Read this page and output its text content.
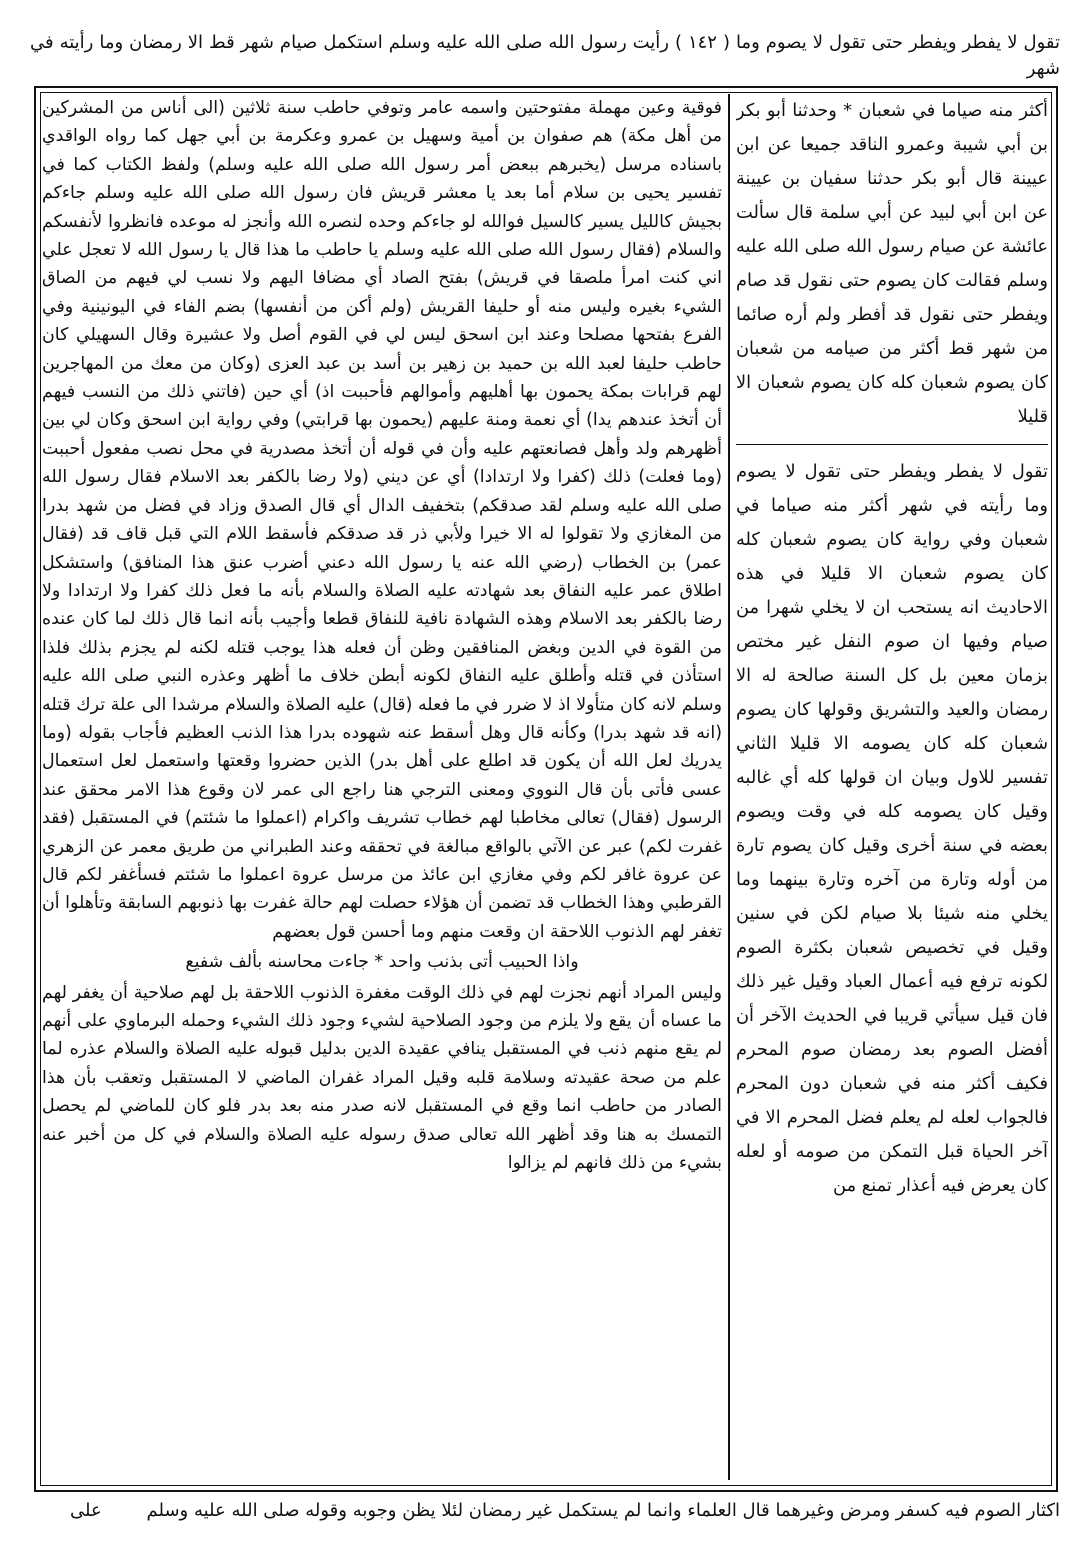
تقول لا يفطر ويفطر حتى تقول لا يصوم وما ( ١٤٢ ) رأيت رسول الله صلى الله عليه وسلم استكمل صيام شهر قط الا رمضان وما رأيته في شهر

فوقية وعين مهملة مفتوحتين واسمه عامر وتوفي حاطب سنة ثلاثين (الى أناس من المشركين من أهل مكة) هم صفوان بن أمية وسهيل بن عمرو وعكرمة بن أبي جهل كما رواه الواقدي باسناده مرسل (يخبرهم ببعض أمر رسول الله صلى الله عليه وسلم) ولفظ الكتاب كما في تفسير يحيى بن سلام أما بعد يا معشر قريش فان رسول الله صلى الله عليه وسلم جاءكم بجيش كالليل يسير كالسيل فوالله لو جاءكم وحده لنصره الله وأنجز له موعده فانظروا لأنفسكم والسلام (فقال رسول الله صلى الله عليه وسلم يا حاطب ما هذا قال يا رسول الله لا تعجل علي اني كنت امرأ ملصقا في قريش) بفتح الصاد أي مضافا اليهم ولا نسب لي فيهم من الصاق الشيء بغيره وليس منه أو حليفا القريش (ولم أكن من أنفسها) بضم الفاء في اليونينية وفي الفرع بفتحها مصلحا وعند ابن اسحق ليس لي في القوم أصل ولا عشيرة وقال السهيلي كان حاطب حليفا لعبد الله بن حميد بن زهير بن أسد بن عبد العزى (وكان من معك من المهاجرين لهم قرابات بمكة يحمون بها أهليهم وأموالهم فأحببت اذ) أي حين (فاتني ذلك من النسب فيهم أن أتخذ عندهم يدا) أي نعمة ومنة عليهم (يحمون بها قرابتي) وفي رواية ابن اسحق وكان لي بين أظهرهم ولد وأهل فصانعتهم عليه وأن في قوله أن أتخذ مصدرية في محل نصب مفعول أحببت (وما فعلت) ذلك (كفرا ولا ارتدادا) أي عن ديني (ولا رضا بالكفر بعد الاسلام فقال رسول الله صلى الله عليه وسلم لقد صدقكم) بتخفيف الدال أي قال الصدق وزاد في فضل من شهد بدرا من المغازي ولا تقولوا له الا خيرا ولأبي ذر قد صدقكم فأسقط اللام التي قبل قاف قد (فقال عمر) بن الخطاب (رضي الله عنه يا رسول الله دعني أضرب عنق هذا المنافق) واستشكل اطلاق عمر عليه النفاق بعد شهادته عليه الصلاة والسلام بأنه ما فعل ذلك كفرا ولا ارتدادا ولا رضا بالكفر بعد الاسلام وهذه الشهادة نافية للنفاق قطعا وأجيب بأنه انما قال ذلك لما كان عنده من القوة في الدين وبغض المنافقين وظن أن فعله هذا يوجب قتله لكنه لم يجزم بذلك فلذا استأذن في قتله وأطلق عليه النفاق لكونه أبطن خلاف ما أظهر وعذره النبي صلى الله عليه وسلم لانه كان متأولا اذ لا ضرر في ما فعله (قال) عليه الصلاة والسلام مرشدا الى علة ترك قتله (انه قد شهد بدرا) وكأنه قال وهل أسقط عنه شهوده بدرا هذا الذنب العظيم فأجاب بقوله (وما يدريك لعل الله أن يكون قد اطلع على أهل بدر) الذين حضروا وقعتها واستعمل لعل استعمال عسى فأتى بأن قال النووي ومعنى الترجي هنا راجع الى عمر لان وقوع هذا الامر محقق عند الرسول (فقال) تعالى مخاطبا لهم خطاب تشريف واكرام (اعملوا ما شئتم) في المستقبل (فقد غفرت لكم) عبر عن الآتي بالواقع مبالغة في تحققه وعند الطبراني من طريق معمر عن الزهري عن عروة غافر لكم وفي مغازي ابن عائذ من مرسل عروة اعملوا ما شئتم فسأغفر لكم قال القرطبي وهذا الخطاب قد تضمن أن هؤلاء حصلت لهم حالة غفرت بها ذنوبهم السابقة وتأهلوا أن تغفر لهم الذنوب اللاحقة ان وقعت منهم وما أحسن قول بعضهم

واذا الحبيب أتى بذنب واحد * جاءت محاسنه بألف شفيع

وليس المراد أنهم نجزت لهم في ذلك الوقت مغفرة الذنوب اللاحقة بل لهم صلاحية أن يغفر لهم ما عساه أن يقع ولا يلزم من وجود الصلاحية لشيء وجود ذلك الشيء وحمله البرماوي على أنهم لم يقع منهم ذنب في المستقبل ينافي عقيدة الدين بدليل قبوله عليه الصلاة والسلام عذره لما علم من صحة عقيدته وسلامة قلبه وقيل المراد غفران الماضي لا المستقبل وتعقب بأن هذا الصادر من حاطب انما وقع في المستقبل لانه صدر منه بعد بدر فلو كان للماضي لم يحصل التمسك به هنا وقد أظهر الله تعالى صدق رسوله عليه الصلاة والسلام في كل من أخبر عنه بشيء من ذلك فانهم لم يزالوا

أكثر منه صياما في شعبان * وحدثنا أبو بكر بن أبي شيبة وعمرو الناقد جميعا عن ابن عيينة قال أبو بكر حدثنا سفيان بن عيينة عن ابن أبي لبيد عن أبي سلمة قال سألت عائشة عن صيام رسول الله صلى الله عليه وسلم فقالت كان يصوم حتى نقول قد صام ويفطر حتى نقول قد أفطر ولم أره صائما من شهر قط أكثر من صيامه من شعبان كان يصوم شعبان كله كان يصوم شعبان الا قليلا

تقول لا يفطر ويفطر حتى تقول لا يصوم وما رأيته في شهر أكثر منه صياما في شعبان وفي رواية كان يصوم شعبان كله كان يصوم شعبان الا قليلا في هذه الاحاديث انه يستحب ان لا يخلي شهرا من صيام وفيها ان صوم النفل غير مختص بزمان معين بل كل السنة صالحة له الا رمضان والعيد والتشريق وقولها كان يصوم شعبان كله كان يصومه الا قليلا الثاني تفسير للاول وبيان ان قولها كله أي غالبه وقيل كان يصومه كله في وقت ويصوم بعضه في سنة أخرى وقيل كان يصوم تارة من أوله وتارة من آخره وتارة بينهما وما يخلي منه شيئا بلا صيام لكن في سنين وقيل في تخصيص شعبان بكثرة الصوم لكونه ترفع فيه أعمال العباد وقيل غير ذلك فان قيل سيأتي قريبا في الحديث الآخر أن أفضل الصوم بعد رمضان صوم المحرم فكيف أكثر منه في شعبان دون المحرم فالجواب لعله لم يعلم فضل المحرم الا في آخر الحياة قبل التمكن من صومه أو لعله كان يعرض فيه أعذار تمنع من

اكثار الصوم فيه كسفر ومرض وغيرهما قال العلماء وانما لم يستكمل غير رمضان لئلا يظن وجوبه وقوله صلى الله عليه وسلم
على
